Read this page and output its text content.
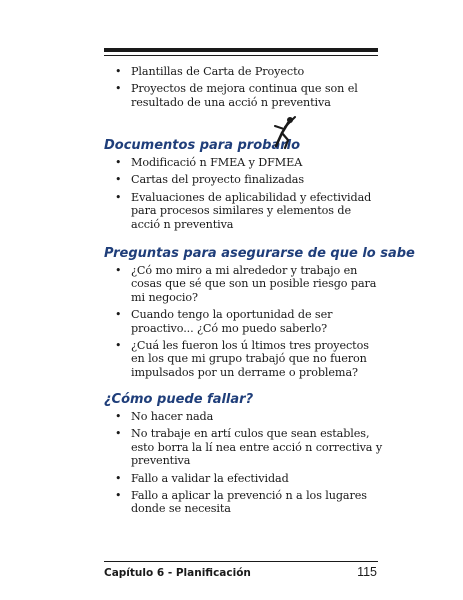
• Plantillas de Carta de Proyecto
• Proyectos de mejora continua que son el resultado de una acció n preventiva
Documentos para probarlo
• Modificació n FMEA y DFMEA
• Cartas del proyecto finalizadas
• Evaluaciones de aplicabilidad y efectividad para procesos similares y elementos de acció n preventiva
Preguntas para asegurarse de que lo sabe
• ¿Có mo miro a mi alrededor y trabajo en cosas que sé que son un posible riesgo para mi negocio?
• Cuando tengo la oportunidad de ser proactivo... ¿Có mo puedo saberlo?
• ¿Cuá les fueron los ú ltimos tres proyectos en los que mi grupo trabajó que no fueron impulsados por un derrame o problema?
¿Cómo puede fallar?
• No hacer nada
• No trabaje en artí culos que sean estables, esto borra la lí nea entre acció n correctiva y preventiva
• Fallo a validar la efectividad
• Fallo a aplicar la prevenció n a los lugares donde se necesita
Capítulo 6 - Planificación	115
